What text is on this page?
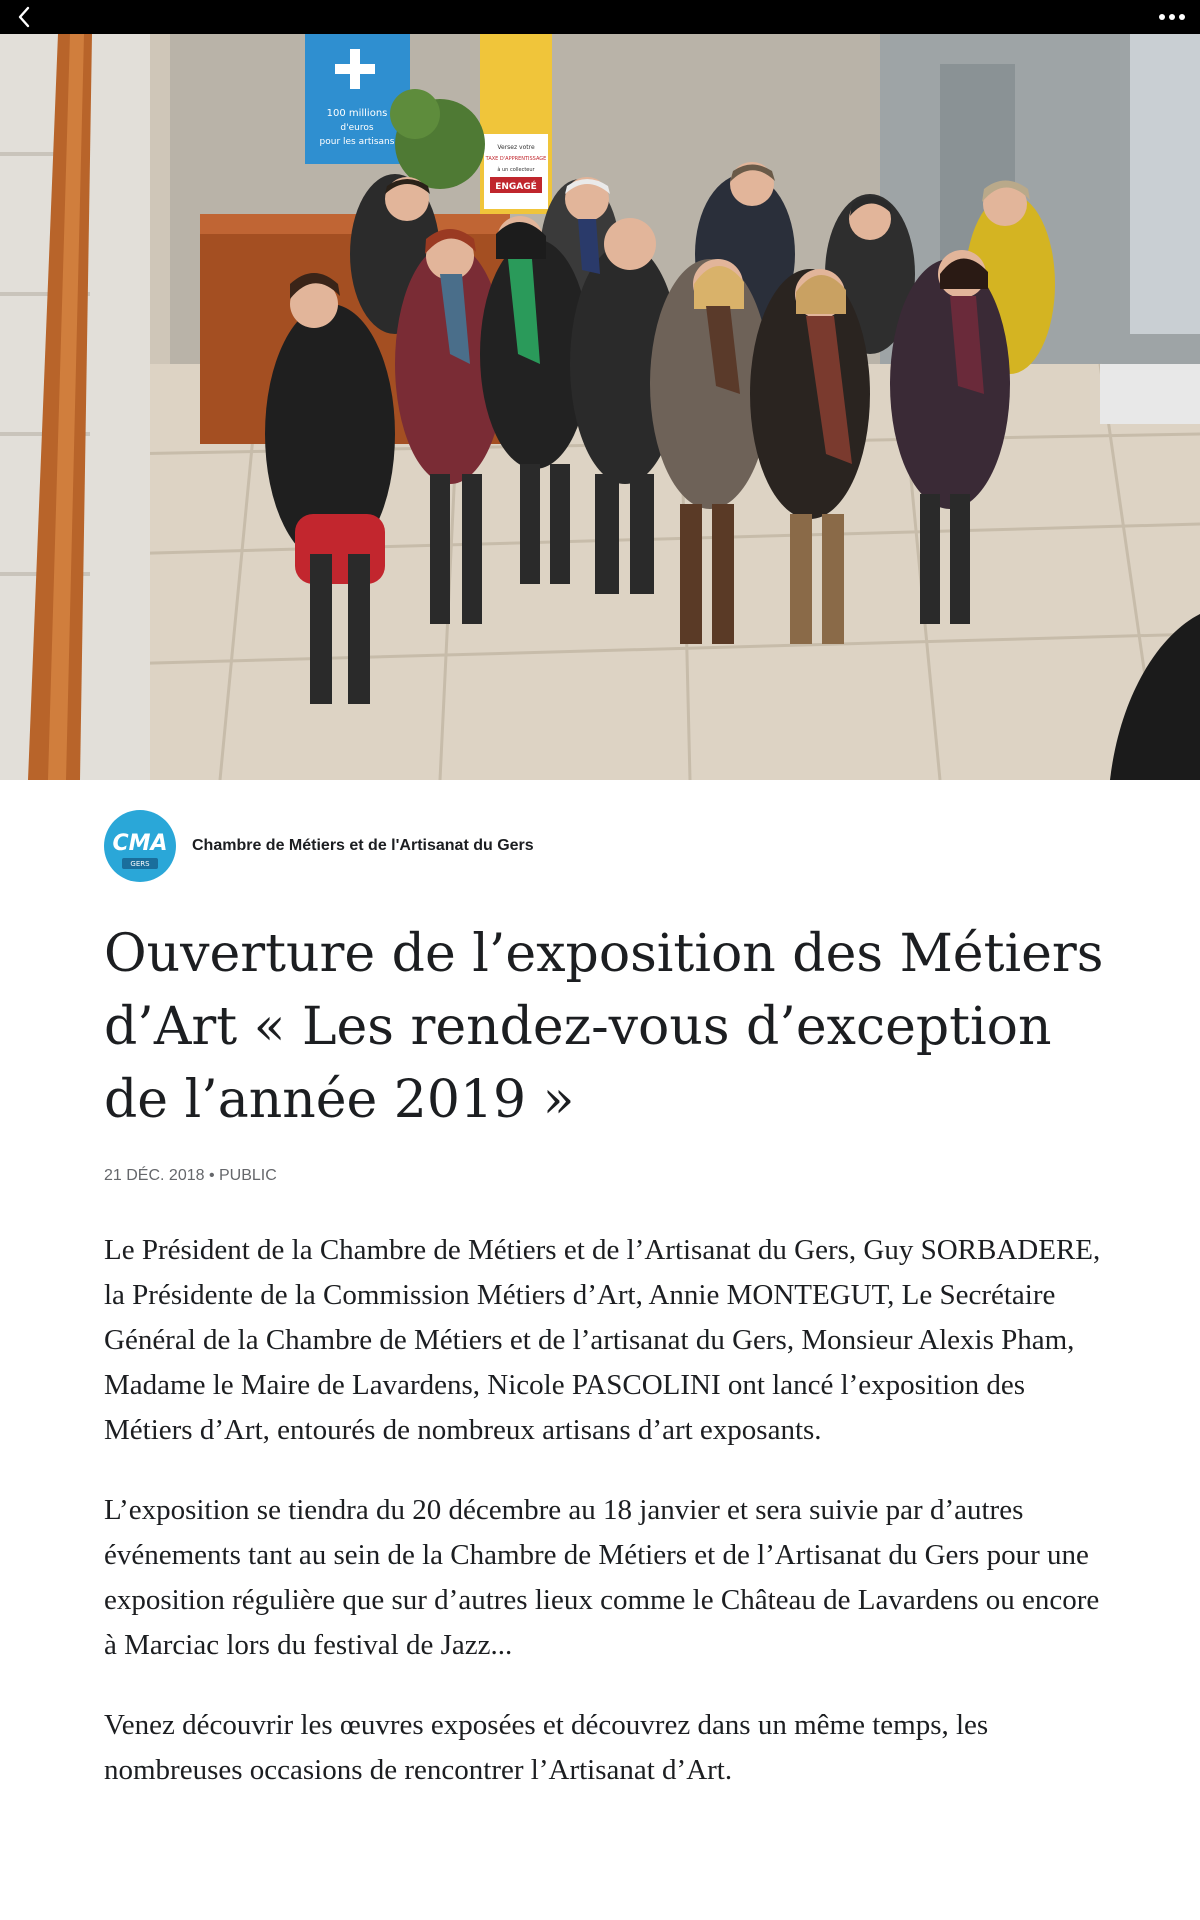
100 millions
d'euros
pour les artisans
Versez votre
TAXE D'APPRENTISSAGE
à un collecteur
ENGAGÉ
CMA
GERS
Chambre de Métiers et de l'Artisanat du Gers
Ouverture de l’exposition des Métiers d’Art « Les rendez-vous d’exception de l’année 2019 »
21 DÉC. 2018 • PUBLIC

Le Président de la Chambre de Métiers et de l’Artisanat du Gers, Guy SORBADERE, la Présidente de la Commission Métiers d’Art, Annie MONTEGUT, Le Secrétaire Général de la Chambre de Métiers et de l’artisanat du Gers, Monsieur Alexis Pham, Madame le Maire de Lavardens, Nicole PASCOLINI ont lancé l’exposition des Métiers d’Art, entourés de nombreux artisans d’art exposants.

L’exposition se tiendra du 20 décembre au 18 janvier et sera suivie par d’autres événements tant au sein de la Chambre de Métiers et de l’Artisanat du Gers pour une exposition régulière que sur d’autres lieux comme le Château de Lavardens ou encore à Marciac lors du festival de Jazz...

Venez découvrir les œuvres exposées et découvrez dans un même temps, les nombreuses occasions de rencontrer l’Artisanat d’Art.
